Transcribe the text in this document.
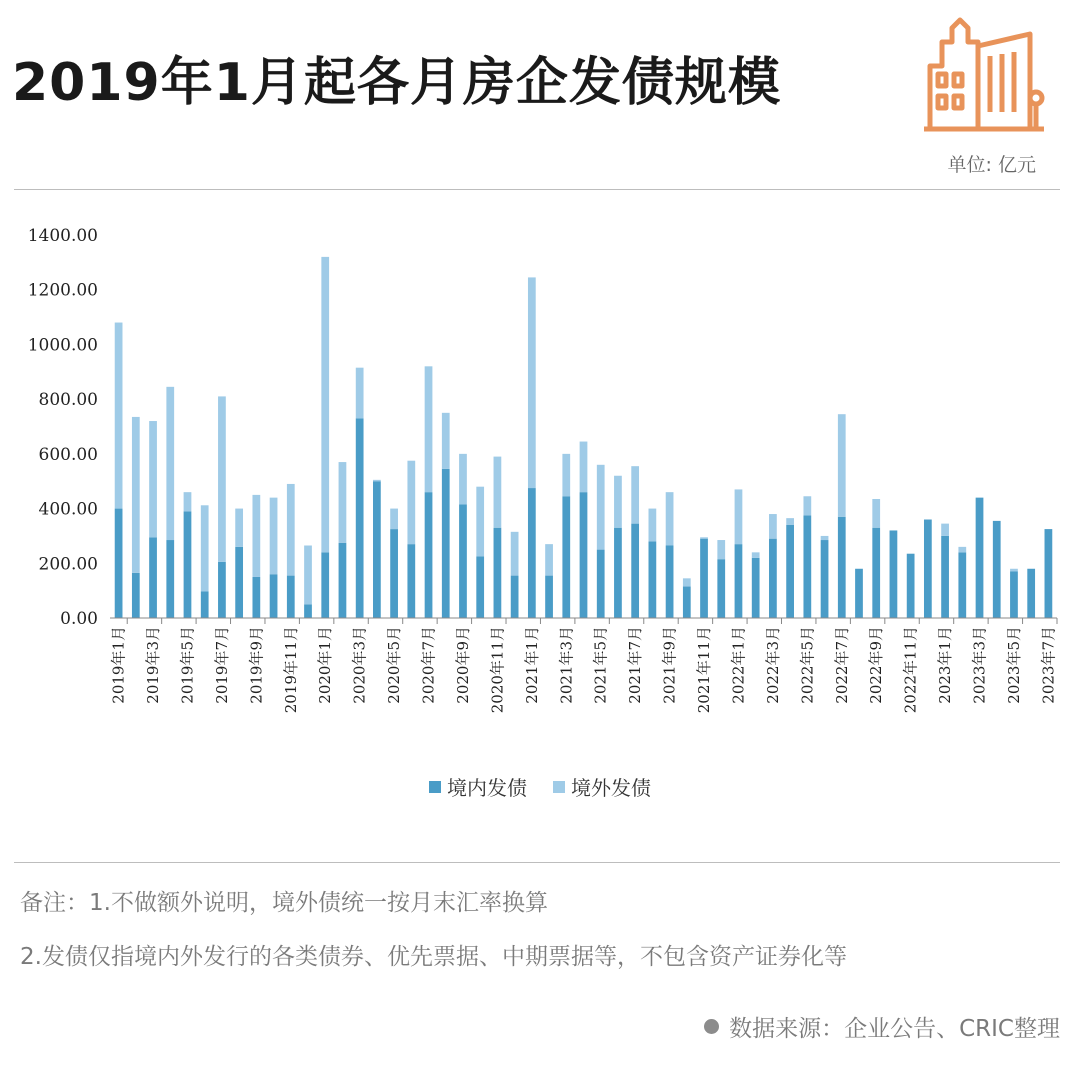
2019年1月起各月房企发债规模
单位: 亿元
0.00
200.00
400.00
600.00
800.00
1000.00
1200.00
1400.00
2019年1月 2019年3月 2019年5月 2019年7月 2019年9月 2019年11月 2020年1月 2020年3月 2020年5月 2020年7月 2020年9月 2020年11月 2021年1月 2021年3月 2021年5月 2021年7月 2021年9月 2021年11月 2022年1月 2022年3月 2022年5月 2022年7月 2022年9月 2022年11月 2023年1月 2023年3月 2023年5月 2023年7月
境内发债 境外发债
备注：1.不做额外说明，境外债统一按月末汇率换算
2.发债仅指境内外发行的各类债券、优先票据、中期票据等，不包含资产证券化等
数据来源：企业公告、CRIC整理
